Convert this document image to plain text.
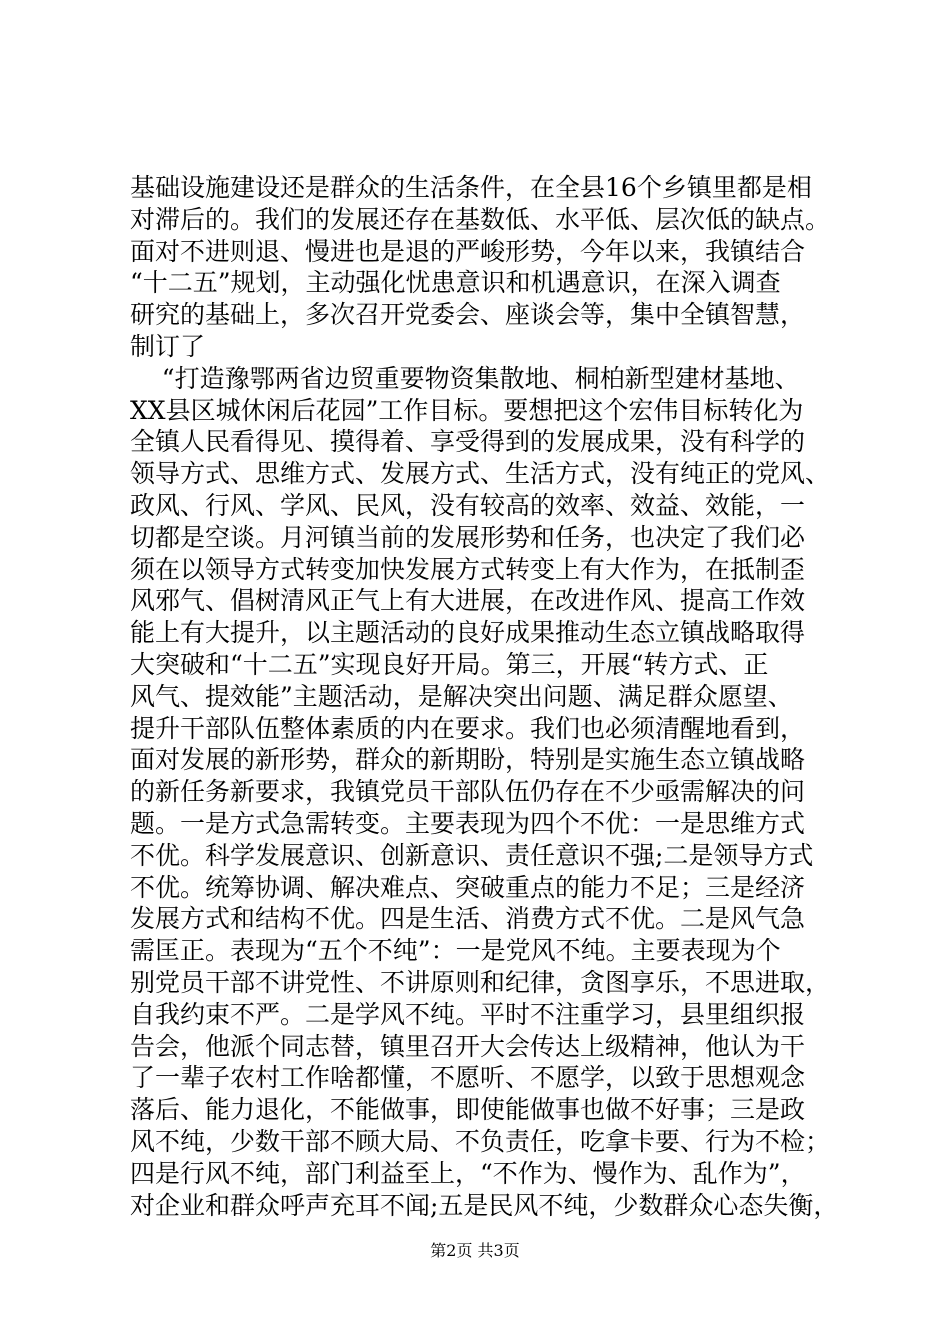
基础设施建设还是群众的生活条件，在全县16个乡镇里都是相
对滞后的。我们的发展还存在基数低、水平低、层次低的缺点。
面对不进则退、慢进也是退的严峻形势，今年以来，我镇结合
“十二五”规划，主动强化忧患意识和机遇意识，在深入调查
研究的基础上，多次召开党委会、座谈会等，集中全镇智慧，
制订了
“打造豫鄂两省边贸重要物资集散地、桐柏新型建材基地、
XX县区城休闲后花园”工作目标。要想把这个宏伟目标转化为
全镇人民看得见、摸得着、享受得到的发展成果，没有科学的
领导方式、思维方式、发展方式、生活方式，没有纯正的党风、
政风、行风、学风、民风，没有较高的效率、效益、效能，一
切都是空谈。月河镇当前的发展形势和任务，也决定了我们必
须在以领导方式转变加快发展方式转变上有大作为，在抵制歪
风邪气、倡树清风正气上有大进展，在改进作风、提高工作效
能上有大提升，以主题活动的良好成果推动生态立镇战略取得
大突破和“十二五”实现良好开局。第三，开展“转方式、正
风气、提效能”主题活动，是解决突出问题、满足群众愿望、
提升干部队伍整体素质的内在要求。我们也必须清醒地看到，
面对发展的新形势，群众的新期盼，特别是实施生态立镇战略
的新任务新要求，我镇党员干部队伍仍存在不少亟需解决的问
题。一是方式急需转变。主要表现为四个不优：一是思维方式
不优。科学发展意识、创新意识、责任意识不强;二是领导方式
不优。统筹协调、解决难点、突破重点的能力不足；三是经济
发展方式和结构不优。四是生活、消费方式不优。二是风气急
需匡正。表现为“五个不纯”：一是党风不纯。主要表现为个
别党员干部不讲党性、不讲原则和纪律，贪图享乐，不思进取，
自我约束不严。二是学风不纯。平时不注重学习，县里组织报
告会，他派个同志替，镇里召开大会传达上级精神，他认为干
了一辈子农村工作啥都懂，不愿听、不愿学，以致于思想观念
落后、能力退化，不能做事，即使能做事也做不好事；三是政
风不纯，少数干部不顾大局、不负责任，吃拿卡要、行为不检；
四是行风不纯，部门利益至上，“不作为、慢作为、乱作为”，
对企业和群众呼声充耳不闻;五是民风不纯，少数群众心态失衡，
第2页 共3页
